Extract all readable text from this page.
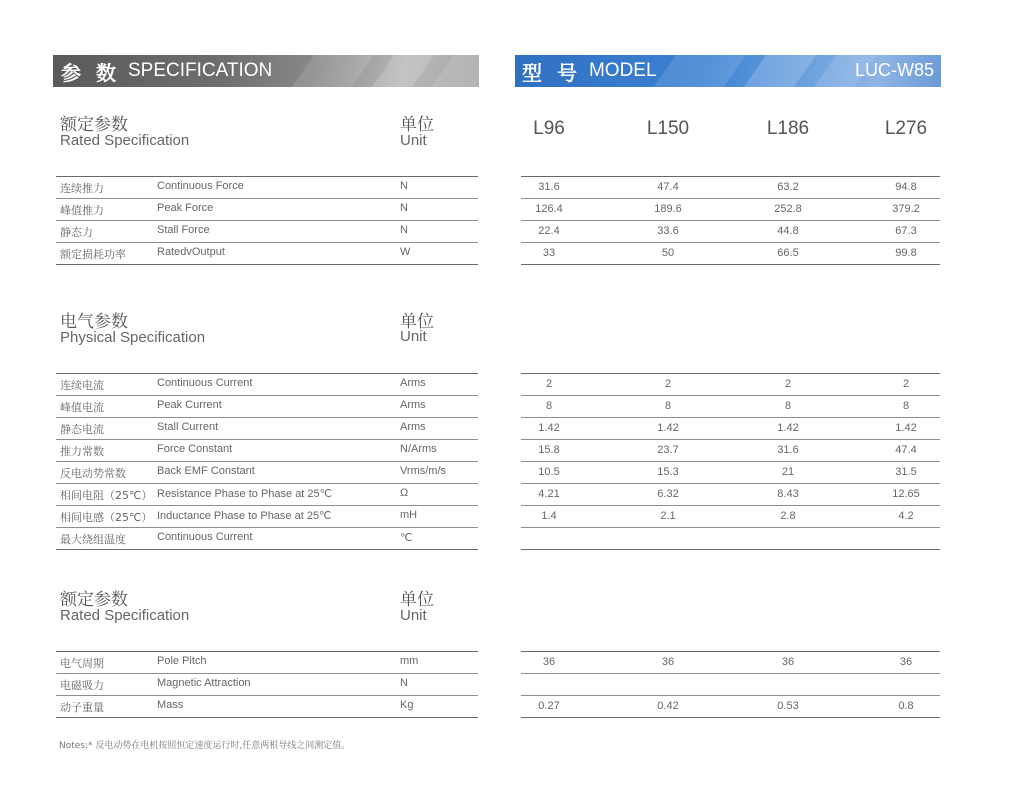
参 数 SPECIFICATION	型 号 MODEL	LUC-W85
额定参数
Rated Specification
单位
Unit
L96	L150	L186	L276
电气参数
Physical Specification
单位
Unit
额定参数
Rated Specification
单位
Unit
连续推力	Continuous Force	N	31.6	47.4	63.2	94.8
峰值推力	Peak Force	N	126.4	189.6	252.8	379.2
静态力	Stall Force	N	22.4	33.6	44.8	67.3
额定损耗功率	RatedvOutput	W	33	50	66.5	99.8
连续电流	Continuous Current	Arms	2	2	2	2
峰值电流	Peak Current	Arms	8	8	8	8
静态电流	Stall Current	Arms	1.42	1.42	1.42	1.42
推力常数	Force Constant	N/Arms	15.8	23.7	31.6	47.4
反电动势常数	Back EMF Constant	Vrms/m/s	10.5	15.3	21	31.5
相间电阻（25℃） Resistance Phase to Phase at 25℃	Ω	4.21	6.32	8.43	12.65
相间电感（25℃） Inductance Phase to Phase at 25℃	mH	1.4	2.1	2.8	4.2
最大绕组温度	Continuous Current	℃
电气周期	Pole Pitch	mm	36	36	36	36
电磁吸力	Magnetic Attraction	N
动子重量	Mass	Kg	0.27	0.42	0.53	0.8
Notes:* 反电动势在电机按照恒定速度运行时,任意两根导线之间测定值。
